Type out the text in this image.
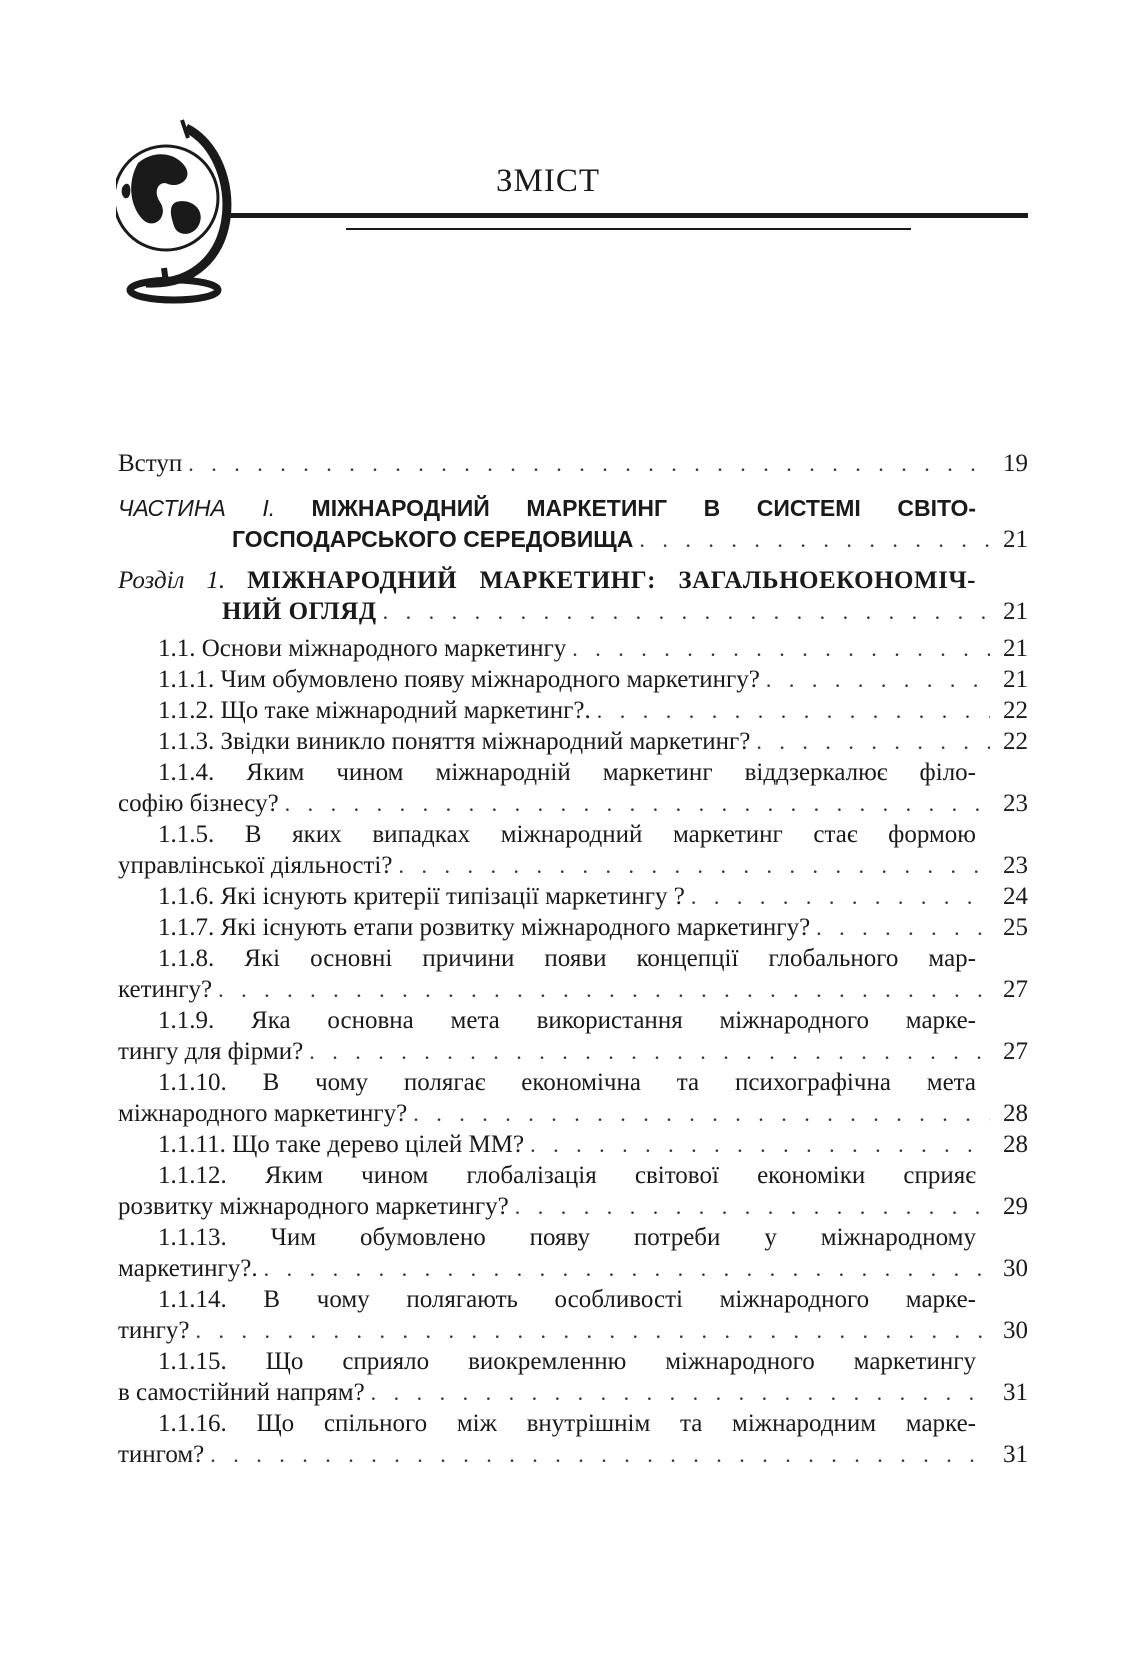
ЗМІСТ
Вступ . . .	19
ЧАСТИНА І. МІЖНАРОДНИЙ МАРКЕТИНГ В СИСТЕМІ СВІТО-
ГОСПОДАРСЬКОГО СЕРЕДОВИЩА . . .	21
Розділ 1. МІЖНАРОДНИЙ МАРКЕТИНГ: ЗАГАЛЬНОЕКОНОМІЧ-
НИЙ ОГЛЯД . . .	21
1.1. Основи міжнародного маркетингу . . .	21
1.1.1. Чим обумовлено появу міжнародного маркетингу? . . .	21
1.1.2. Що таке міжнародний маркетинг?. . . .	22
1.1.3. Звідки виникло поняття міжнародний маркетинг? . . .	22
1.1.4. Яким чином міжнародній маркетинг віддзеркалює філо-
софію бізнесу? . . .	23
1.1.5. В яких випадках міжнародний маркетинг стає формою
управлінської діяльності? . . .	23
1.1.6. Які існують критерії типізації маркетингу ? . . .	24
1.1.7. Які існують етапи розвитку міжнародного маркетингу? . . .	25
1.1.8. Які основні причини появи концепції глобального мар-
кетингу? . . .	27
1.1.9. Яка основна мета використання міжнародного марке-
тингу для фірми? . . .	27
1.1.10. В чому полягає економічна та психографічна мета
міжнародного маркетингу? . . .	28
1.1.11. Що таке дерево цілей ММ? . . .	28
1.1.12. Яким чином глобалізація світової економіки сприяє
розвитку міжнародного маркетингу? . . .	29
1.1.13. Чим обумовлено появу потреби у міжнародному
маркетингу?. . . .	30
1.1.14. В чому полягають особливості міжнародного марке-
тингу? . . .	30
1.1.15. Що сприяло виокремленню міжнародного маркетингу
в самостійний напрям? . . .	31
1.1.16. Що спільного між внутрішнім та міжнародним марке-
тингом? . . .	31
